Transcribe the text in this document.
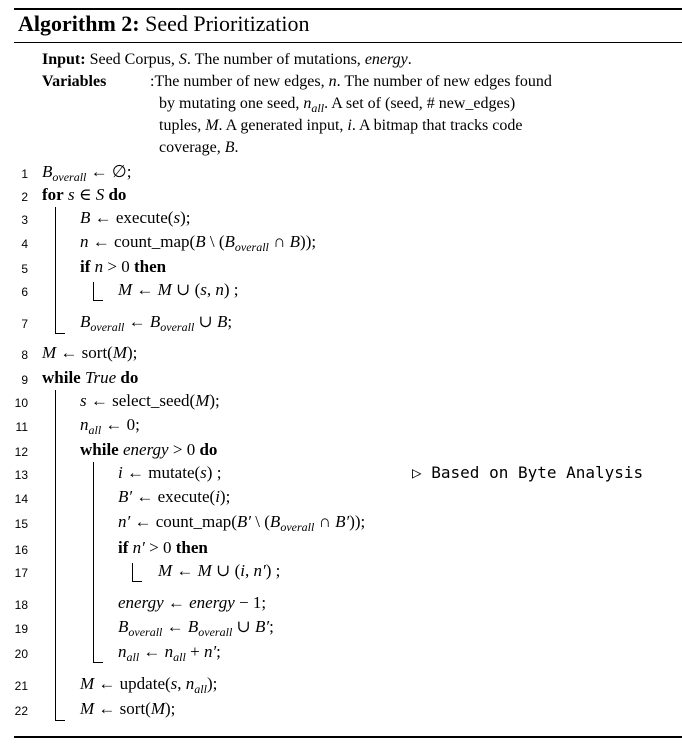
Algorithm 2: Seed Prioritization
Input: Seed Corpus, S. The number of mutations, energy.
Variables	:The number of new edges, n. The number of new edges found
by mutating one seed, $n_{all}$. A set of (seed, # new_edges)
tuples, M. A generated input, i. A bitmap that tracks code
coverage, B.
1
2
3
4
5
6
7
8
9
10
11
12
13
14
15
16
17
18
19
20
21
22
$B_{overall}$ ← ∅;
for s ∈ S do
B ← execute(s);
n ← count_map(B \ ($B_{overall}$ ∩ B));
if n > 0 then
M ← M ∪ (s, n) ;
$B_{overall}$ ← $B_{overall}$ ∪ B;
M ← sort(M);
while True do
s ← select_seed(M);
$n_{all}$ ← 0;
while energy > 0 do
i ← mutate(s) ;	▷ Based on Byte Analysis
B′ ← execute(i);
n′ ← count_map(B′ \ ($B_{overall}$ ∩ B′));
if n′ > 0 then
M ← M ∪ (i, n′) ;
energy ← energy − 1;
$B_{overall}$ ← $B_{overall}$ ∪ B′;
$n_{all}$ ← $n_{all} + n'$;
M ← update(s, $n_{all}$);
M ← sort(M);
